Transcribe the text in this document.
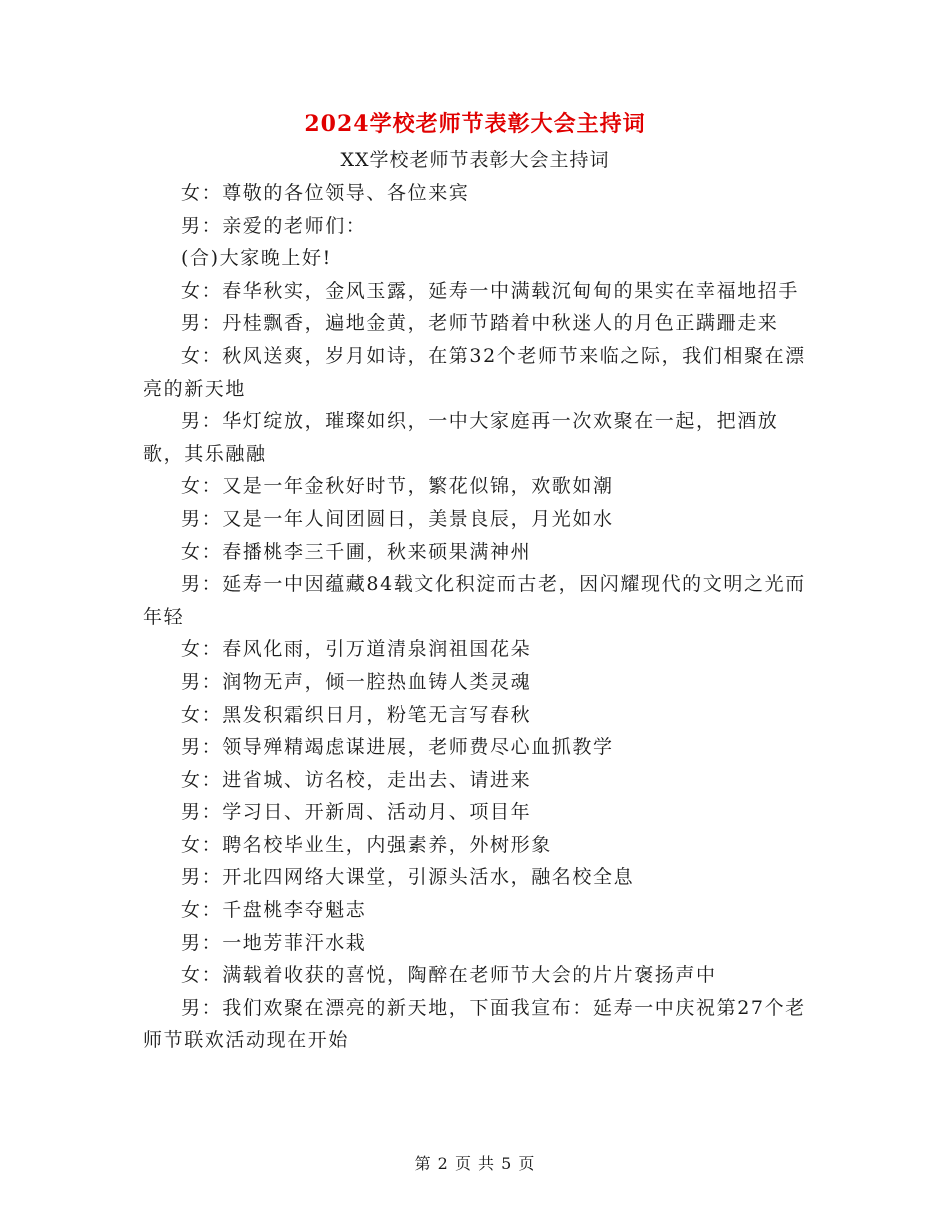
2024学校老师节表彰大会主持词
XX学校老师节表彰大会主持词

女：尊敬的各位领导、各位来宾

男：亲爱的老师们：

(合)大家晚上好!

女：春华秋实，金风玉露，延寿一中满载沉甸甸的果实在幸福地招手

男：丹桂飘香，遍地金黄，老师节踏着中秋迷人的月色正蹒跚走来

女：秋风送爽，岁月如诗，在第32个老师节来临之际，我们相聚在漂亮的新天地

男：华灯绽放，璀璨如织，一中大家庭再一次欢聚在一起，把酒放歌，其乐融融

女：又是一年金秋好时节，繁花似锦，欢歌如潮

男：又是一年人间团圆日，美景良辰，月光如水

女：春播桃李三千圃，秋来硕果满神州

男：延寿一中因蕴藏84载文化积淀而古老，因闪耀现代的文明之光而年轻

女：春风化雨，引万道清泉润祖国花朵

男：润物无声，倾一腔热血铸人类灵魂

女：黑发积霜织日月，粉笔无言写春秋

男：领导殚精竭虑谋进展，老师费尽心血抓教学

女：进省城、访名校，走出去、请进来

男：学习日、开新周、活动月、项目年

女：聘名校毕业生，内强素养，外树形象

男：开北四网络大课堂，引源头活水，融名校全息

女：千盘桃李夺魁志

男：一地芳菲汗水栽

女：满载着收获的喜悦，陶醉在老师节大会的片片褒扬声中

男：我们欢聚在漂亮的新天地，下面我宣布：延寿一中庆祝第27个老师节联欢活动现在开始

第 2 页 共 5 页
